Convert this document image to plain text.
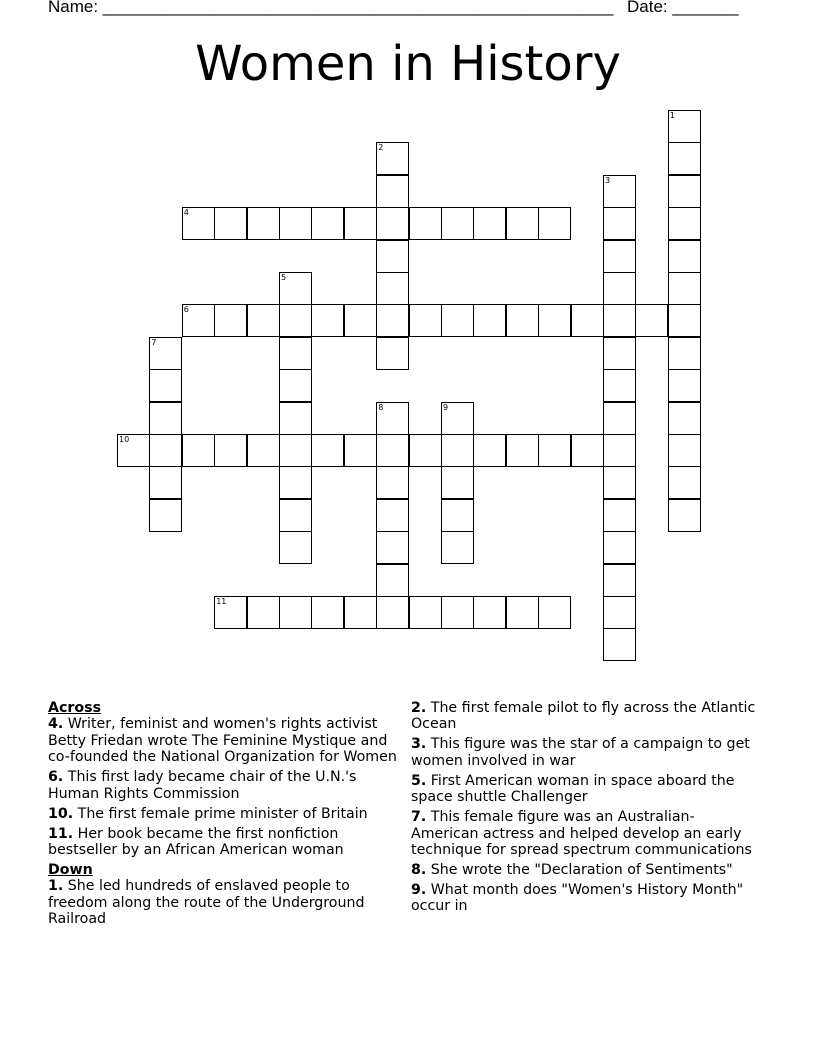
Name: ______________________________________________________ Date: _______
Women in History
1
2
3
4
5
6
7
8	9
10
11
Across
4. Writer, feminist and women's rights activist Betty Friedan wrote The Feminine Mystique and co-founded the National Organization for Women
6. This first lady became chair of the U.N.'s Human Rights Commission
10. The first female prime minister of Britain
11. Her book became the first nonfiction bestseller by an African American woman
Down
1. She led hundreds of enslaved people to freedom along the route of the Underground Railroad
2. The first female pilot to fly across the Atlantic Ocean
3. This figure was the star of a campaign to get women involved in war
5. First American woman in space aboard the space shuttle Challenger
7. This female figure was an Australian-American actress and helped develop an early technique for spread spectrum communications
8. She wrote the "Declaration of Sentiments"
9. What month does "Women's History Month" occur in
